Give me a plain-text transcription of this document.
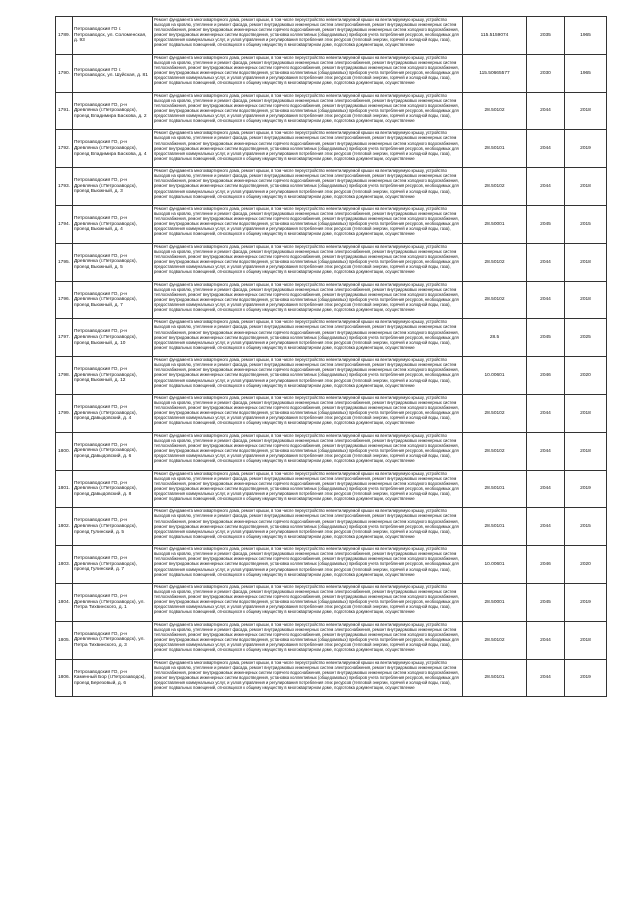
1789.	Петрозаводский ГО г. Петрозаводск, ул. Соломенская, д. 93	Ремонт фундамента многоквартирного дома, ремонт крыши, в том числе переустройство невентилируемой крыши на вентилируемую крышу, устройство выходов на кровлю, утепление и ремонт фасада, ремонт внутридомовых инженерных систем электроснабжения, ремонт внутридомовых инженерных систем теплоснабжения, ремонт внутридомовых инженерных систем горячего водоснабжения, ремонт внутридомовых инженерных систем холодного водоснабжения, ремонт внутридомовых инженерных систем водоотведения, установка коллективных (общедомовых) приборов учета потребления ресурсов, необходимых для предоставления коммунальных услуг, и узлов управления и регулирования потребления этих ресурсов (тепловой энергии, горячей и холодной воды, газа), ремонт подвальных помещений, относящихся к общему имуществу в многоквартирном доме, подготовка документации, осуществление	115.5159074	2035	1965

1790.	Петрозаводский ГО г. Петрозаводск, ул. Шуйская, д. 81	Ремонт фундамента многоквартирного дома, ремонт крыши, в том числе переустройство невентилируемой крыши на вентилируемую крышу, устройство выходов на кровлю, утепление и ремонт фасада, ремонт внутридомовых инженерных систем электроснабжения, ремонт внутридомовых инженерных систем теплоснабжения, ремонт внутридомовых инженерных систем горячего водоснабжения, ремонт внутридомовых инженерных систем холодного водоснабжения, ремонт внутридомовых инженерных систем водоотведения, установка коллективных (общедомовых) приборов учета потребления ресурсов, необходимых для предоставления коммунальных услуг, и узлов управления и регулирования потребления этих ресурсов (тепловой энергии, горячей и холодной воды, газа), ремонт подвальных помещений, относящихся к общему имуществу в многоквартирном доме, подготовка документации, осуществление	115.50665577	2030	1965

1791.	Петрозаводский ГО, р-н Древлянка (г.Петрозаводск), проезд Владимира Баскова, д. 2	Ремонт фундамента многоквартирного дома, ремонт крыши, в том числе переустройство невентилируемой крыши на вентилируемую крышу, устройство выходов на кровлю, утепление и ремонт фасада, ремонт внутридомовых инженерных систем электроснабжения, ремонт внутридомовых инженерных систем теплоснабжения, ремонт внутридомовых инженерных систем горячего водоснабжения, ремонт внутридомовых инженерных систем холодного водоснабжения, ремонт внутридомовых инженерных систем водоотведения, установка коллективных (общедомовых) приборов учета потребления ресурсов, необходимых для предоставления коммунальных услуг, и узлов управления и регулирования потребления этих ресурсов (тепловой энергии, горячей и холодной воды, газа), ремонт подвальных помещений, относящихся к общему имуществу в многоквартирном доме, подготовка документации, осуществление	28.50102	2044	2018

1792.	Петрозаводский ГО, р-н Древлянка (г.Петрозаводск), проезд Владимира Баскова, д. 4	Ремонт фундамента многоквартирного дома, ремонт крыши, в том числе переустройство невентилируемой крыши на вентилируемую крышу, устройство выходов на кровлю, утепление и ремонт фасада, ремонт внутридомовых инженерных систем электроснабжения, ремонт внутридомовых инженерных систем теплоснабжения, ремонт внутридомовых инженерных систем горячего водоснабжения, ремонт внутридомовых инженерных систем холодного водоснабжения, ремонт внутридомовых инженерных систем водоотведения, установка коллективных (общедомовых) приборов учета потребления ресурсов, необходимых для предоставления коммунальных услуг, и узлов управления и регулирования потребления этих ресурсов (тепловой энергии, горячей и холодной воды, газа), ремонт подвальных помещений, относящихся к общему имуществу в многоквартирном доме, подготовка документации, осуществление	28.50101	2044	2019

1793.	Петрозаводский ГО, р-н Древлянка (г.Петрозаводск), проезд Вьюжный, д. 3	Ремонт фундамента многоквартирного дома, ремонт крыши, в том числе переустройство невентилируемой крыши на вентилируемую крышу, устройство выходов на кровлю, утепление и ремонт фасада, ремонт внутридомовых инженерных систем электроснабжения, ремонт внутридомовых инженерных систем теплоснабжения, ремонт внутридомовых инженерных систем горячего водоснабжения, ремонт внутридомовых инженерных систем холодного водоснабжения, ремонт внутридомовых инженерных систем водоотведения, установка коллективных (общедомовых) приборов учета потребления ресурсов, необходимых для предоставления коммунальных услуг, и узлов управления и регулирования потребления этих ресурсов (тепловой энергии, горячей и холодной воды, газа), ремонт подвальных помещений, относящихся к общему имуществу в многоквартирном доме, подготовка документации, осуществление	28.50102	2044	2018

1794.	Петрозаводский ГО, р-н Древлянка (г.Петрозаводск), проезд Вьюжный, д. 4	Ремонт фундамента многоквартирного дома, ремонт крыши, в том числе переустройство невентилируемой крыши на вентилируемую крышу, устройство выходов на кровлю, утепление и ремонт фасада, ремонт внутридомовых инженерных систем электроснабжения, ремонт внутридомовых инженерных систем теплоснабжения, ремонт внутридомовых инженерных систем горячего водоснабжения, ремонт внутридомовых инженерных систем холодного водоснабжения, ремонт внутридомовых инженерных систем водоотведения, установка коллективных (общедомовых) приборов учета потребления ресурсов, необходимых для предоставления коммунальных услуг, и узлов управления и регулирования потребления этих ресурсов (тепловой энергии, горячей и холодной воды, газа), ремонт подвальных помещений, относящихся к общему имуществу в многоквартирном доме, подготовка документации, осуществление	28.50001	2045	2015

1795.	Петрозаводский ГО, р-н Древлянка (г.Петрозаводск), проезд Вьюжный, д. 5	Ремонт фундамента многоквартирного дома, ремонт крыши, в том числе переустройство невентилируемой крыши на вентилируемую крышу, устройство выходов на кровлю, утепление и ремонт фасада, ремонт внутридомовых инженерных систем электроснабжения, ремонт внутридомовых инженерных систем теплоснабжения, ремонт внутридомовых инженерных систем горячего водоснабжения, ремонт внутридомовых инженерных систем холодного водоснабжения, ремонт внутридомовых инженерных систем водоотведения, установка коллективных (общедомовых) приборов учета потребления ресурсов, необходимых для предоставления коммунальных услуг, и узлов управления и регулирования потребления этих ресурсов (тепловой энергии, горячей и холодной воды, газа), ремонт подвальных помещений, относящихся к общему имуществу в многоквартирном доме, подготовка документации, осуществление	28.50102	2044	2018

1796.	Петрозаводский ГО, р-н Древлянка (г.Петрозаводск), проезд Вьюжный, д. 7	Ремонт фундамента многоквартирного дома, ремонт крыши, в том числе переустройство невентилируемой крыши на вентилируемую крышу, устройство выходов на кровлю, утепление и ремонт фасада, ремонт внутридомовых инженерных систем электроснабжения, ремонт внутридомовых инженерных систем теплоснабжения, ремонт внутридомовых инженерных систем горячего водоснабжения, ремонт внутридомовых инженерных систем холодного водоснабжения, ремонт внутридомовых инженерных систем водоотведения, установка коллективных (общедомовых) приборов учета потребления ресурсов, необходимых для предоставления коммунальных услуг, и узлов управления и регулирования потребления этих ресурсов (тепловой энергии, горячей и холодной воды, газа), ремонт подвальных помещений, относящихся к общему имуществу в многоквартирном доме, подготовка документации, осуществление	28.50102	2044	2018

1797.	Петрозаводский ГО, р-н Древлянка (г.Петрозаводск), проезд Вьюжный, д. 10	Ремонт фундамента многоквартирного дома, ремонт крыши, в том числе переустройство невентилируемой крыши на вентилируемую крышу, устройство выходов на кровлю, утепление и ремонт фасада, ремонт внутридомовых инженерных систем электроснабжения, ремонт внутридомовых инженерных систем теплоснабжения, ремонт внутридомовых инженерных систем горячего водоснабжения, ремонт внутридомовых инженерных систем холодного водоснабжения, ремонт внутридомовых инженерных систем водоотведения, установка коллективных (общедомовых) приборов учета потребления ресурсов, необходимых для предоставления коммунальных услуг, и узлов управления и регулирования потребления этих ресурсов (тепловой энергии, горячей и холодной воды, газа), ремонт подвальных помещений, относящихся к общему имуществу в многоквартирном доме, подготовка документации, осуществление	28.5	2045	2025

1798.	Петрозаводский ГО, р-н Древлянка (г.Петрозаводск), проезд Вьюжный, д. 12	Ремонт фундамента многоквартирного дома, ремонт крыши, в том числе переустройство невентилируемой крыши на вентилируемую крышу, устройство выходов на кровлю, утепление и ремонт фасада, ремонт внутридомовых инженерных систем электроснабжения, ремонт внутридомовых инженерных систем теплоснабжения, ремонт внутридомовых инженерных систем горячего водоснабжения, ремонт внутридомовых инженерных систем холодного водоснабжения, ремонт внутридомовых инженерных систем водоотведения, установка коллективных (общедомовых) приборов учета потребления ресурсов, необходимых для предоставления коммунальных услуг, и узлов управления и регулирования потребления этих ресурсов (тепловой энергии, горячей и холодной воды, газа), ремонт подвальных помещений, относящихся к общему имуществу в многоквартирном доме, подготовка документации, осуществление	10.00601	2046	2020

1799.	Петрозаводский ГО, р-н Древлянка (г.Петрозаводск), проезд Давыдовский, д. 4	Ремонт фундамента многоквартирного дома, ремонт крыши, в том числе переустройство невентилируемой крыши на вентилируемую крышу, устройство выходов на кровлю, утепление и ремонт фасада, ремонт внутридомовых инженерных систем электроснабжения, ремонт внутридомовых инженерных систем теплоснабжения, ремонт внутридомовых инженерных систем горячего водоснабжения, ремонт внутридомовых инженерных систем холодного водоснабжения, ремонт внутридомовых инженерных систем водоотведения, установка коллективных (общедомовых) приборов учета потребления ресурсов, необходимых для предоставления коммунальных услуг, и узлов управления и регулирования потребления этих ресурсов (тепловой энергии, горячей и холодной воды, газа), ремонт подвальных помещений, относящихся к общему имуществу в многоквартирном доме, подготовка документации, осуществление	28.50102	2044	2018

1800.	Петрозаводский ГО, р-н Древлянка (г.Петрозаводск), проезд Давыдовский, д. 6	Ремонт фундамента многоквартирного дома, ремонт крыши, в том числе переустройство невентилируемой крыши на вентилируемую крышу, устройство выходов на кровлю, утепление и ремонт фасада, ремонт внутридомовых инженерных систем электроснабжения, ремонт внутридомовых инженерных систем теплоснабжения, ремонт внутридомовых инженерных систем горячего водоснабжения, ремонт внутридомовых инженерных систем холодного водоснабжения, ремонт внутридомовых инженерных систем водоотведения, установка коллективных (общедомовых) приборов учета потребления ресурсов, необходимых для предоставления коммунальных услуг, и узлов управления и регулирования потребления этих ресурсов (тепловой энергии, горячей и холодной воды, газа), ремонт подвальных помещений, относящихся к общему имуществу в многоквартирном доме, подготовка документации, осуществление	28.50102	2044	2018

1801.	Петрозаводский ГО, р-н Древлянка (г.Петрозаводск), проезд Давыдовский, д. 8	Ремонт фундамента многоквартирного дома, ремонт крыши, в том числе переустройство невентилируемой крыши на вентилируемую крышу, устройство выходов на кровлю, утепление и ремонт фасада, ремонт внутридомовых инженерных систем электроснабжения, ремонт внутридомовых инженерных систем теплоснабжения, ремонт внутридомовых инженерных систем горячего водоснабжения, ремонт внутридомовых инженерных систем холодного водоснабжения, ремонт внутридомовых инженерных систем водоотведения, установка коллективных (общедомовых) приборов учета потребления ресурсов, необходимых для предоставления коммунальных услуг, и узлов управления и регулирования потребления этих ресурсов (тепловой энергии, горячей и холодной воды, газа), ремонт подвальных помещений, относящихся к общему имуществу в многоквартирном доме, подготовка документации, осуществление	28.50101	2044	2019

1802.	Петрозаводский ГО, р-н Древлянка (г.Петрозаводск), проезд Гулинский, д. 5	Ремонт фундамента многоквартирного дома, ремонт крыши, в том числе переустройство невентилируемой крыши на вентилируемую крышу, устройство выходов на кровлю, утепление и ремонт фасада, ремонт внутридомовых инженерных систем электроснабжения, ремонт внутридомовых инженерных систем теплоснабжения, ремонт внутридомовых инженерных систем горячего водоснабжения, ремонт внутридомовых инженерных систем холодного водоснабжения, ремонт внутридомовых инженерных систем водоотведения, установка коллективных (общедомовых) приборов учета потребления ресурсов, необходимых для предоставления коммунальных услуг, и узлов управления и регулирования потребления этих ресурсов (тепловой энергии, горячей и холодной воды, газа), ремонт подвальных помещений, относящихся к общему имуществу в многоквартирном доме, подготовка документации, осуществление	28.50101	2044	2015

1803.	Петрозаводский ГО, р-н Древлянка (г.Петрозаводск), проезд Гулинский, д. 7	Ремонт фундамента многоквартирного дома, ремонт крыши, в том числе переустройство невентилируемой крыши на вентилируемую крышу, устройство выходов на кровлю, утепление и ремонт фасада, ремонт внутридомовых инженерных систем электроснабжения, ремонт внутридомовых инженерных систем теплоснабжения, ремонт внутридомовых инженерных систем горячего водоснабжения, ремонт внутридомовых инженерных систем холодного водоснабжения, ремонт внутридомовых инженерных систем водоотведения, установка коллективных (общедомовых) приборов учета потребления ресурсов, необходимых для предоставления коммунальных услуг, и узлов управления и регулирования потребления этих ресурсов (тепловой энергии, горячей и холодной воды, газа), ремонт подвальных помещений, относящихся к общему имуществу в многоквартирном доме, подготовка документации, осуществление	10.00601	2046	2020

1804.	Петрозаводский ГО, р-н Древлянка (г.Петрозаводск), ул. Петра Тихвинского, д. 1	Ремонт фундамента многоквартирного дома, ремонт крыши, в том числе переустройство невентилируемой крыши на вентилируемую крышу, устройство выходов на кровлю, утепление и ремонт фасада, ремонт внутридомовых инженерных систем электроснабжения, ремонт внутридомовых инженерных систем теплоснабжения, ремонт внутридомовых инженерных систем горячего водоснабжения, ремонт внутридомовых инженерных систем холодного водоснабжения, ремонт внутридомовых инженерных систем водоотведения, установка коллективных (общедомовых) приборов учета потребления ресурсов, необходимых для предоставления коммунальных услуг, и узлов управления и регулирования потребления этих ресурсов (тепловой энергии, горячей и холодной воды, газа), ремонт подвальных помещений, относящихся к общему имуществу в многоквартирном доме, подготовка документации, осуществление	28.50001	2045	2019

1805.	Петрозаводский ГО, р-н Древлянка (г.Петрозаводск), ул. Петра Тихвинского, д. 3	Ремонт фундамента многоквартирного дома, ремонт крыши, в том числе переустройство невентилируемой крыши на вентилируемую крышу, устройство выходов на кровлю, утепление и ремонт фасада, ремонт внутридомовых инженерных систем электроснабжения, ремонт внутридомовых инженерных систем теплоснабжения, ремонт внутридомовых инженерных систем горячего водоснабжения, ремонт внутридомовых инженерных систем холодного водоснабжения, ремонт внутридомовых инженерных систем водоотведения, установка коллективных (общедомовых) приборов учета потребления ресурсов, необходимых для предоставления коммунальных услуг, и узлов управления и регулирования потребления этих ресурсов (тепловой энергии, горячей и холодной воды, газа), ремонт подвальных помещений, относящихся к общему имуществу в многоквартирном доме, подготовка документации, осуществление	28.50102	2044	2018

1806.	Петрозаводский ГО, р-н Каменный Бор (г.Петрозаводск), проезд Березовый, д. 6	Ремонт фундамента многоквартирного дома, ремонт крыши, в том числе переустройство невентилируемой крыши на вентилируемую крышу, устройство выходов на кровлю, утепление и ремонт фасада, ремонт внутридомовых инженерных систем электроснабжения, ремонт внутридомовых инженерных систем теплоснабжения, ремонт внутридомовых инженерных систем горячего водоснабжения, ремонт внутридомовых инженерных систем холодного водоснабжения, ремонт внутридомовых инженерных систем водоотведения, установка коллективных (общедомовых) приборов учета потребления ресурсов, необходимых для предоставления коммунальных услуг, и узлов управления и регулирования потребления этих ресурсов (тепловой энергии, горячей и холодной воды, газа), ремонт подвальных помещений, относящихся к общему имуществу в многоквартирном доме, подготовка документации, осуществление	28.50101	2044	2019
